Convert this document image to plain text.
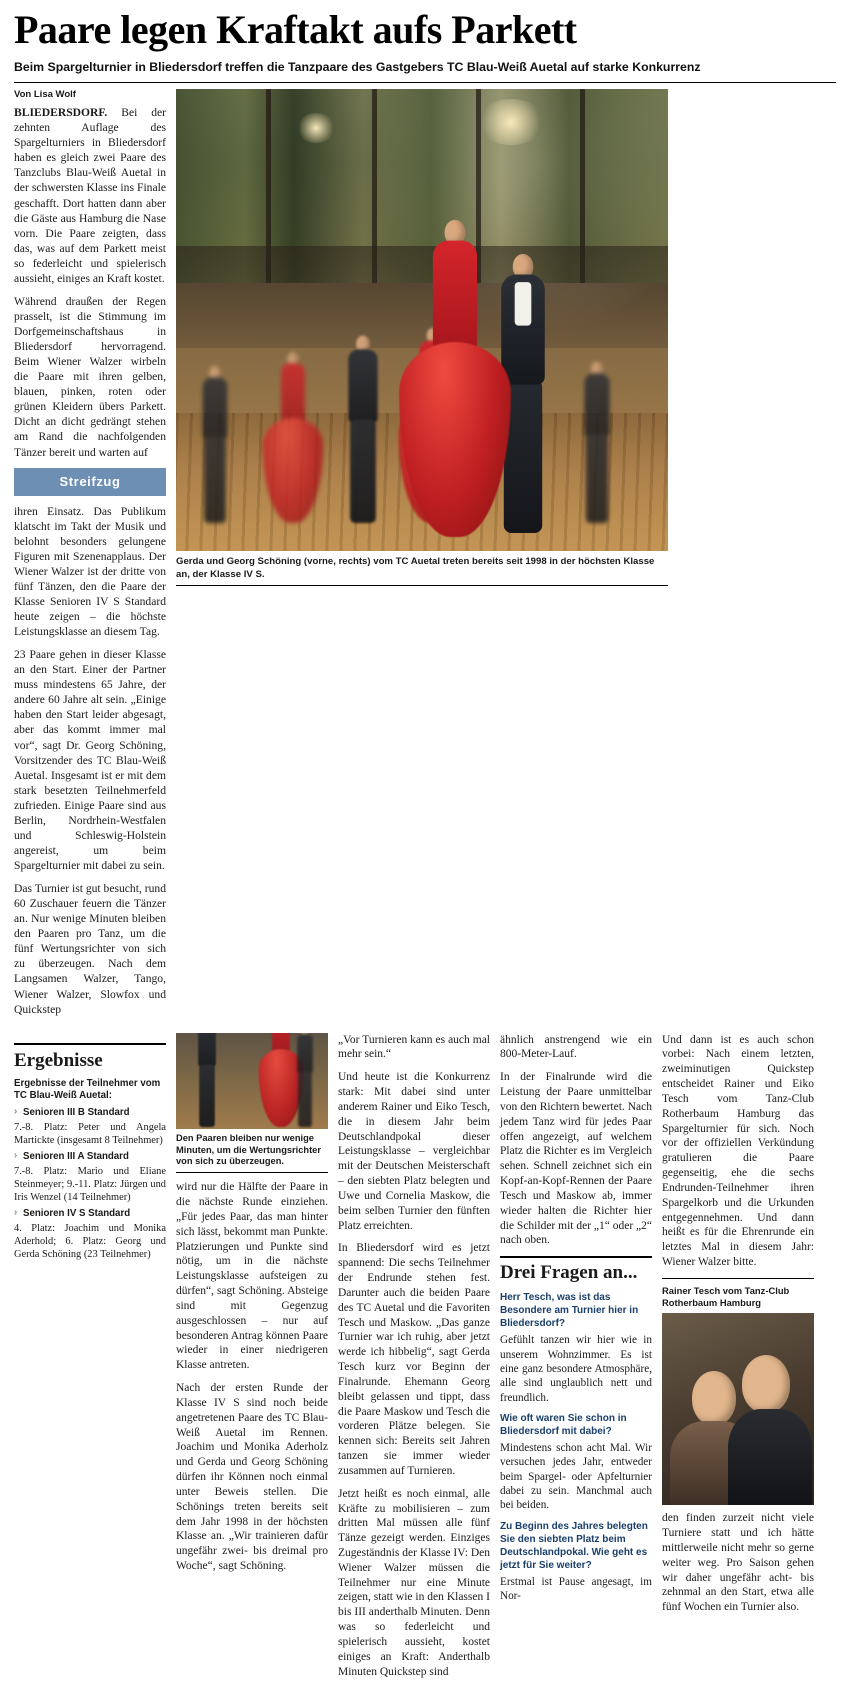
Paare legen Kraftakt aufs Parkett
Beim Spargelturnier in Bliedersdorf treffen die Tanzpaare des Gastgebers TC Blau-Weiß Auetal auf starke Konkurrenz
Von Lisa Wolf

BLIEDERSDORF. Bei der zehnten Auflage des Spargelturniers in Bliedersdorf haben es gleich zwei Paare des Tanzclubs Blau-Weiß Auetal in der schwersten Klasse ins Finale geschafft. Dort hatten dann aber die Gäste aus Hamburg die Nase vorn. Die Paare zeigten, dass das, was auf dem Parkett meist so federleicht und spielerisch aussieht, einiges an Kraft kostet.

Während draußen der Regen prasselt, ist die Stimmung im Dorfgemeinschaftshaus in Bliedersdorf hervorragend. Beim Wiener Walzer wirbeln die Paare mit ihren gelben, blauen, pinken, roten oder grünen Kleidern übers Parkett. Dicht an dicht gedrängt stehen am Rand die nachfolgenden Tänzer bereit und warten auf

Streifzug

ihren Einsatz. Das Publikum klatscht im Takt der Musik und belohnt besonders gelungene Figuren mit Szenenapplaus. Der Wiener Walzer ist der dritte von fünf Tänzen, den die Paare der Klasse Senioren IV S Standard heute zeigen – die höchste Leistungsklasse an diesem Tag.

23 Paare gehen in dieser Klasse an den Start. Einer der Partner muss mindestens 65 Jahre, der andere 60 Jahre alt sein. „Einige haben den Start leider abgesagt, aber das kommt immer mal vor“, sagt Dr. Georg Schöning, Vorsitzender des TC Blau-Weiß Auetal. Insgesamt ist er mit dem stark besetzten Teilnehmerfeld zufrieden. Einige Paare sind aus Berlin, Nordrhein-Westfalen und Schleswig-Holstein angereist, um beim Spargelturnier mit dabei zu sein.

Das Turnier ist gut besucht, rund 60 Zuschauer feuern die Tänzer an. Nur wenige Minuten bleiben den Paaren pro Tanz, um die fünf Wertungsrichter von sich zu überzeugen. Nach dem Langsamen Walzer, Tango, Wiener Walzer, Slowfox und Quickstep

Gerda und Georg Schöning (vorne, rechts) vom TC Auetal treten bereits seit 1998 in der höchsten Klasse an, der Klasse IV S.
Ergebnisse
Ergebnisse der Teilnehmer vom TC Blau-Weiß Auetal:
› Senioren III B Standard
7.-8. Platz: Peter und Angela Martickte (insgesamt 8 Teilnehmer)
› Senioren III A Standard
7.-8. Platz: Mario und Eliane Steinmeyer; 9.-11. Platz: Jürgen und Iris Wenzel (14 Teilnehmer)
› Senioren IV S Standard
4. Platz: Joachim und Monika Aderhold; 6. Platz: Georg und Gerda Schöning (23 Teilnehmer)
Den Paaren bleiben nur wenige Minuten, um die Wertungsrichter von sich zu überzeugen.

wird nur die Hälfte der Paare in die nächste Runde einziehen. „Für jedes Paar, das man hinter sich lässt, bekommt man Punkte. Platzierungen und Punkte sind nötig, um in die nächste Leistungsklasse aufsteigen zu dürfen“, sagt Schöning. Absteige sind mit Gegenzug ausgeschlossen – nur auf besonderen Antrag können Paare wieder in einer niedrigeren Klasse antreten.

Nach der ersten Runde der Klasse IV S sind noch beide angetretenen Paare des TC Blau-Weiß Auetal im Rennen. Joachim und Monika Aderholz und Gerda und Georg Schöning dürfen ihr Können noch einmal unter Beweis stellen. Die Schönings treten bereits seit dem Jahr 1998 in der höchsten Klasse an. „Wir trainieren dafür ungefähr zwei- bis dreimal pro Woche“, sagt Schöning.

„Vor Turnieren kann es auch mal mehr sein.“

Und heute ist die Konkurrenz stark: Mit dabei sind unter anderem Rainer und Eiko Tesch, die in diesem Jahr beim Deutschlandpokal dieser Leistungsklasse – vergleichbar mit der Deutschen Meisterschaft – den siebten Platz belegten und Uwe und Cornelia Maskow, die beim selben Turnier den fünften Platz erreichten.

In Bliedersdorf wird es jetzt spannend: Die sechs Teilnehmer der Endrunde stehen fest. Darunter auch die beiden Paare des TC Auetal und die Favoriten Tesch und Maskow. „Das ganze Turnier war ich ruhig, aber jetzt werde ich hibbelig“, sagt Gerda Tesch kurz vor Beginn der Finalrunde. Ehemann Georg bleibt gelassen und tippt, dass die Paare Maskow und Tesch die vorderen Plätze belegen. Sie kennen sich: Bereits seit Jahren tanzen sie immer wieder zusammen auf Turnieren.

Jetzt heißt es noch einmal, alle Kräfte zu mobilisieren – zum dritten Mal müssen alle fünf Tänze gezeigt werden. Einziges Zugeständnis der Klasse IV: Den Wiener Walzer müssen die Teilnehmer nur eine Minute zeigen, statt wie in den Klassen I bis III anderthalb Minuten. Denn was so federleicht und spielerisch aussieht, kostet einiges an Kraft: Anderthalb Minuten Quickstep sind

ähnlich anstrengend wie ein 800-Meter-Lauf.

In der Finalrunde wird die Leistung der Paare unmittelbar von den Richtern bewertet. Nach jedem Tanz wird für jedes Paar offen angezeigt, auf welchem Platz die Richter es im Vergleich sehen. Schnell zeichnet sich ein Kopf-an-Kopf-Rennen der Paare Tesch und Maskow ab, immer wieder halten die Richter hier die Schilder mit der „1“ oder „2“ nach oben.

Drei Fragen an...
Herr Tesch, was ist das Besondere am Turnier hier in Bliedersdorf?
Gefühlt tanzen wir hier wie in unserem Wohnzimmer. Es ist eine ganz besondere Atmosphäre, alle sind unglaublich nett und freundlich.
Wie oft waren Sie schon in Bliedersdorf mit dabei?
Mindestens schon acht Mal. Wir versuchen jedes Jahr, entweder beim Spargel- oder Apfelturnier dabei zu sein. Manchmal auch bei beiden.
Zu Beginn des Jahres belegten Sie den siebten Platz beim Deutschlandpokal. Wie geht es jetzt für Sie weiter?
Erstmal ist Pause angesagt, im Nor-

Und dann ist es auch schon vorbei: Nach einem letzten, zweiminutigen Quickstep entscheidet Rainer und Eiko Tesch vom Tanz-Club Rotherbaum Hamburg das Spargelturnier für sich. Noch vor der offiziellen Verkündung gratulieren die Paare gegenseitig, ehe die sechs Endrunden-Teilnehmer ihren Spargelkorb und die Urkunden entgegennehmen. Und dann heißt es für die Ehrenrunde ein letztes Mal in diesem Jahr: Wiener Walzer bitte.

Rainer Tesch vom Tanz-Club Rotherbaum Hamburg

den finden zurzeit nicht viele Turniere statt und ich hätte mittlerweile nicht mehr so gerne weiter weg. Pro Saison gehen wir daher ungefähr acht- bis zehnmal an den Start, etwa alle fünf Wochen ein Turnier also.
